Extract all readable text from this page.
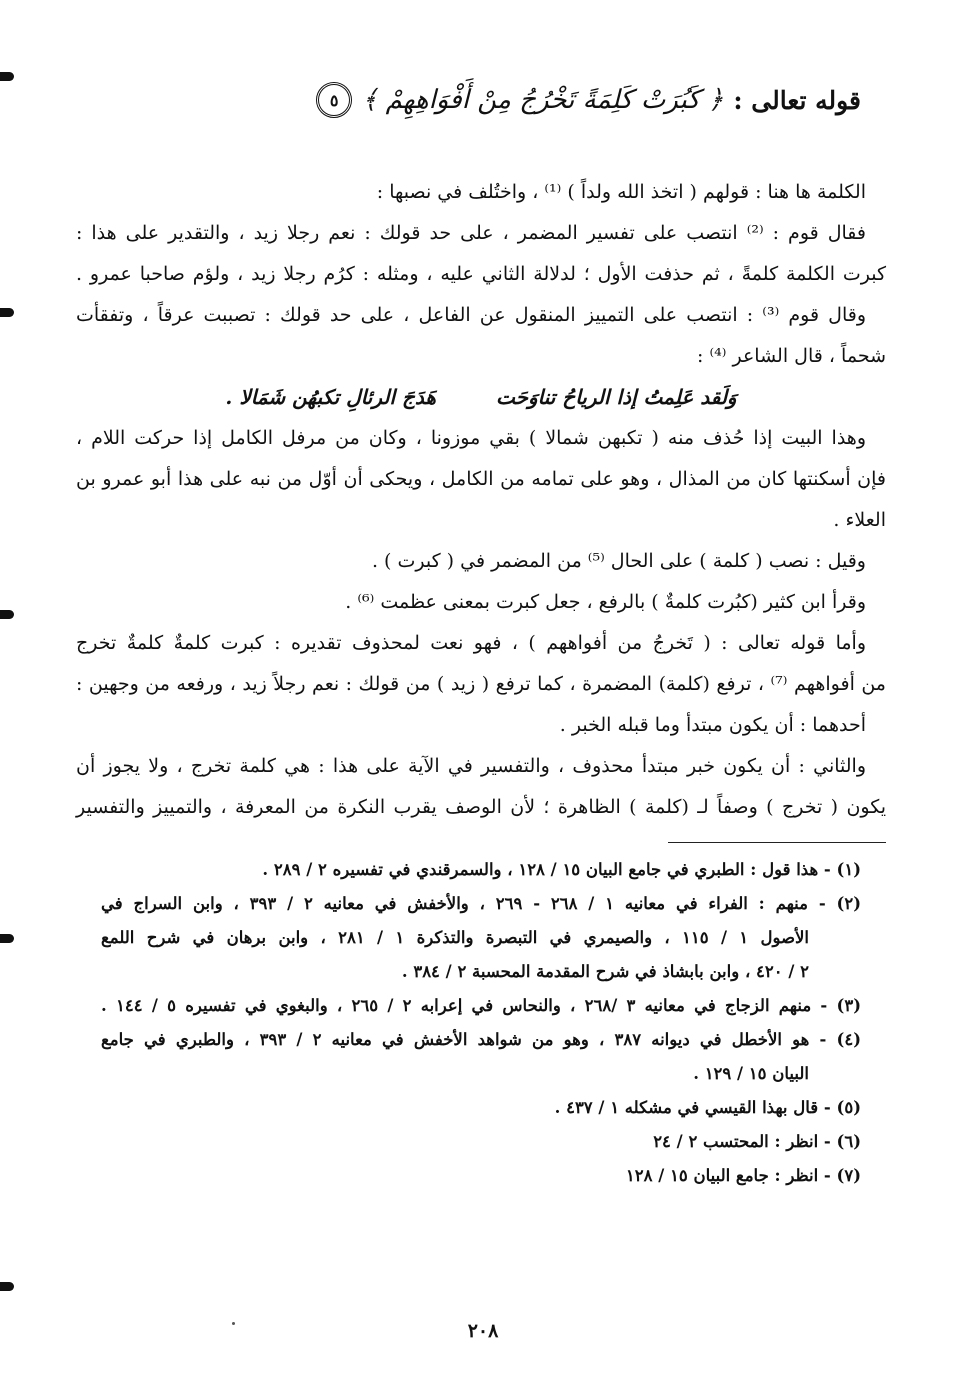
قوله تعالى :
﴿ كَبُرَتْ كَلِمَةً تَخْرُجُ مِنْ أَفْوَاهِهِمْ ﴾
٥
الكلمة ها هنا : قولهم ( اتخذ الله ولداً ) ⁽¹⁾ ، واختُلف في نصبها :
فقال قوم : ⁽²⁾ انتصب على تفسير المضمر ، على حد قولك : نعم رجلا زيد ، والتقدير على هذا :
كبرت الكلمة كلمةً ، ثم حذفت الأول ؛ لدلالة الثاني عليه ، ومثله : كرُم رجلا زيد ، ولؤم صاحبا عمرو .
وقال قوم ⁽³⁾ : انتصب على التمييز المنقول عن الفاعل ، على حد قولك : تصببت عرقاً ، وتفقأت
شحماً ، قال الشاعر ⁽⁴⁾ :
وَلَقد عَلِمتُ إذا الرياحُ تناوَحَت
هَدَجَ الرئالِ تكبهُن شَمَالا .
وهذا البيت إذا حُذف منه ( تكبهن شمالا ) بقي موزونا ، وكان من مرفل الكامل إذا حركت اللام ،
فإن أسكنتها كان من المذال ، وهو على تمامه من الكامل ، ويحكى أن أوّل من نبه على هذا أبو عمرو بن
العلاء .
وقيل : نصب ( كلمة ) على الحال ⁽⁵⁾ من المضمر في ( كبرت ) .
وقرأ ابن كثير (كبُرت كلمةٌ ) بالرفع ، جعل كبرت بمعنى عظمت ⁽⁶⁾ .
وأما قوله تعالى : ( تَخرجُ من أفواههم ) ، فهو نعت لمحذوف تقديره : كبرت كلمةٌ كلمةٌ تخرج
من أفواههم ⁽⁷⁾ ، ترفع (كلمة) المضمرة ، كما ترفع ( زيد ) من قولك : نعم رجلاً زيد ، ورفعه من وجهين :
أحدهما : أن يكون مبتدأ وما قبله الخبر .
والثاني : أن يكون خبر مبتدأ محذوف ، والتفسير في الآية على هذا : هي كلمة تخرج ، ولا يجوز أن
يكون ( تخرج ) وصفاً لـ (كلمة ) الظاهرة ؛ لأن الوصف يقرب النكرة من المعرفة ، والتمييز والتفسير
(١) - هذا قول : الطبري في جامع البيان ١٥ / ١٢٨ ، والسمرقندي في تفسيره ٢ / ٢٨٩ .
(٢) - منهم : الفراء في معانيه ١ / ٢٦٨ - ٢٦٩ ، والأخفش في معانيه ٢ / ٣٩٣ ، وابن السراج في
الأصول ١ / ١١٥ ، والصيمري في التبصرة والتذكرة ١ / ٢٨١ ، وابن برهان في شرح اللمع
٢ / ٤٢٠ ، وابن بابشاذ في شرح المقدمة المحسبة ٢ / ٣٨٤ .
(٣) - منهم الزجاج في معانيه ٣ /٢٦٨ ، والنحاس في إعرابه ٢ / ٢٦٥ ، والبغوي في تفسيره ٥ / ١٤٤ .
(٤) - هو الأخطل في ديوانه ٣٨٧ ، وهو من شواهد الأخفش في معانيه ٢ / ٣٩٣ ، والطبري في جامع
البيان ١٥ / ١٢٩ .
(٥) - قال بهذا القيسي في مشكله ١ / ٤٣٧ .
(٦) - انظر : المحتسب ٢ / ٢٤
(٧) - انظر : جامع البيان ١٥ / ١٢٨
٢٠٨
